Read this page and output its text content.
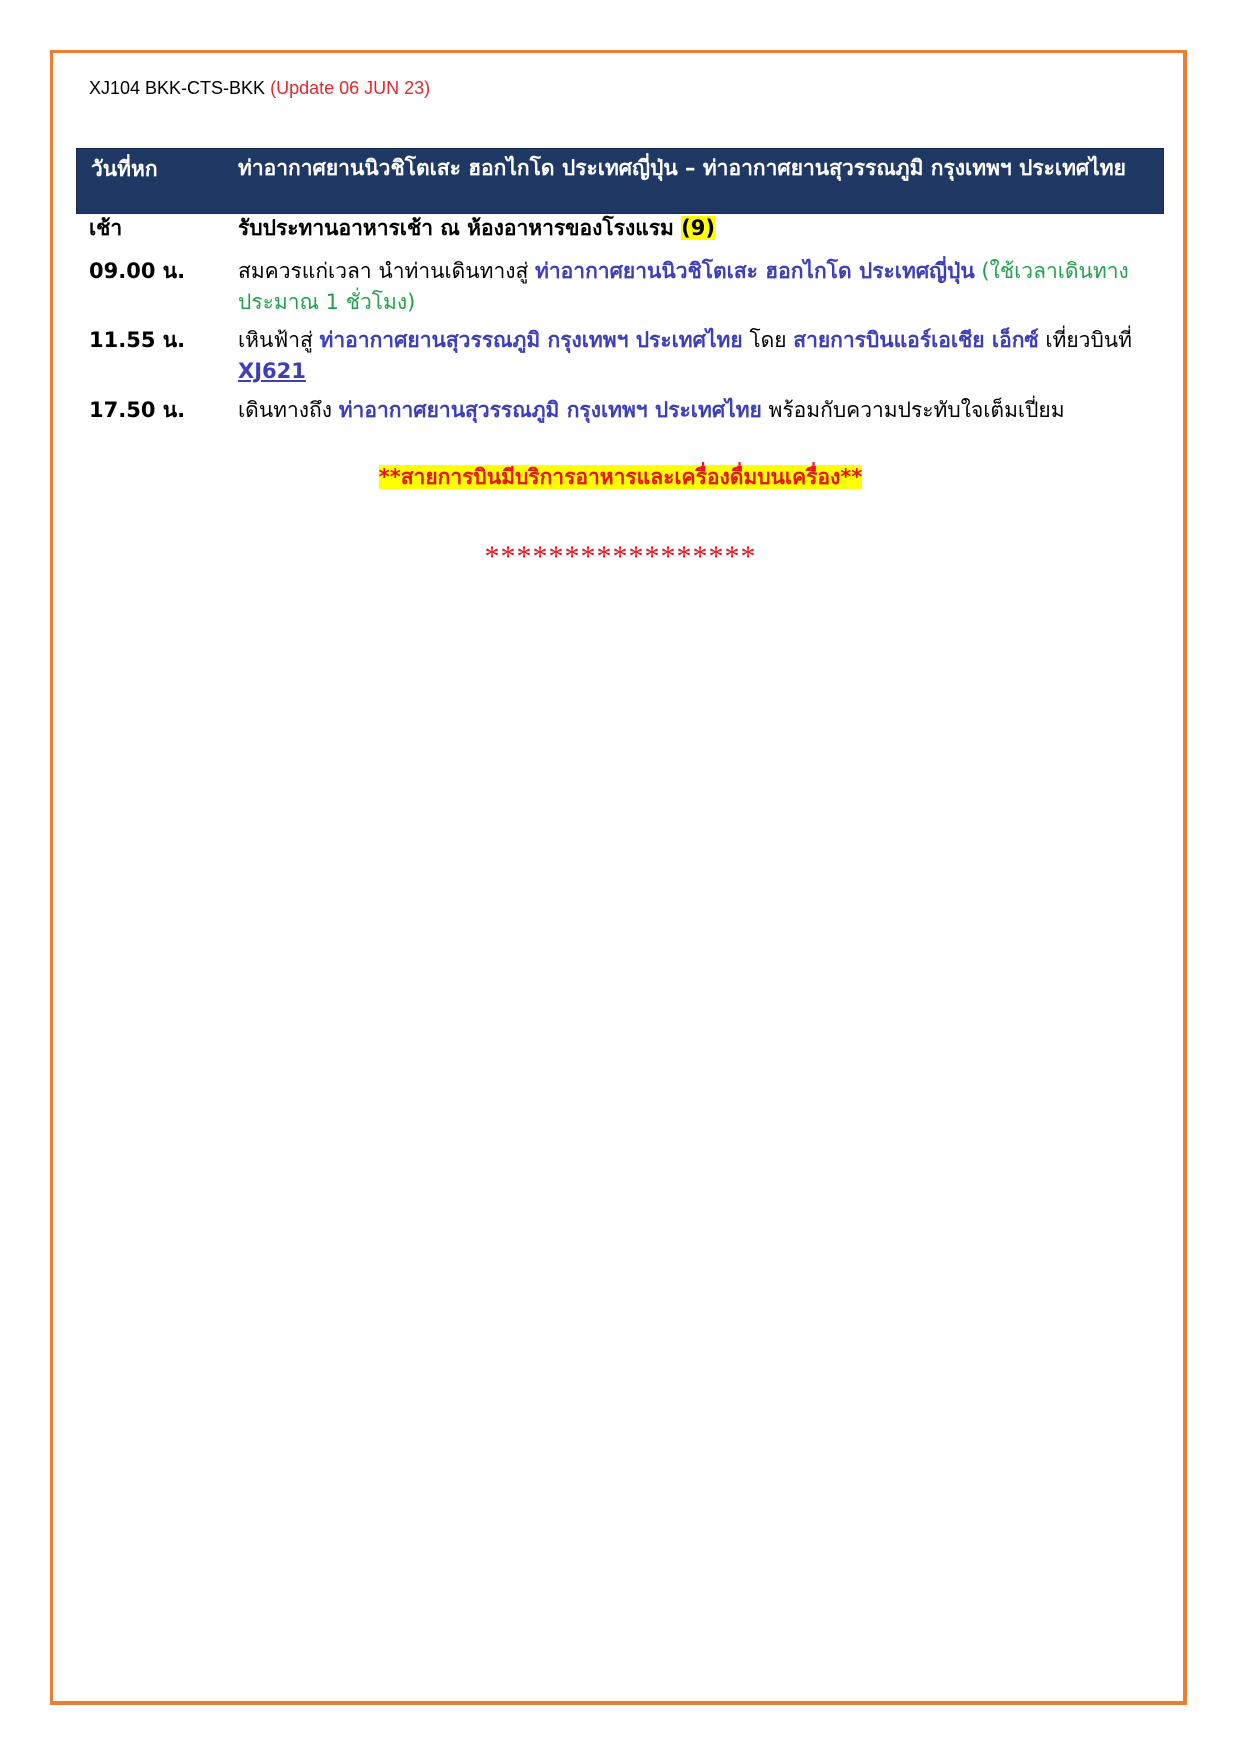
XJ104 BKK-CTS-BKK (Update 06 JUN 23)
วันที่หก	ท่าอากาศยานนิวชิโตเสะ ฮอกไกโด ประเทศญี่ปุ่น – ท่าอากาศยานสุวรรณภูมิ กรุงเทพฯ ประเทศไทย
เช้า	รับประทานอาหารเช้า ณ ห้องอาหารของโรงแรม (9)
09.00 น.	สมควรแก่เวลา นำท่านเดินทางสู่ ท่าอากาศยานนิวชิโตเสะ ฮอกไกโด ประเทศญี่ปุ่น (ใช้เวลาเดินทางประมาณ 1 ชั่วโมง)
11.55 น.	เหินฟ้าสู่ ท่าอากาศยานสุวรรณภูมิ กรุงเทพฯ ประเทศไทย โดย สายการบินแอร์เอเชีย เอ็กซ์ เที่ยวบินที่ XJ621
17.50 น.	เดินทางถึง ท่าอากาศยานสุวรรณภูมิ กรุงเทพฯ ประเทศไทย พร้อมกับความประทับใจเต็มเปี่ยม
**สายการบินมีบริการอาหารและเครื่องดื่มบนเครื่อง**
*****************
